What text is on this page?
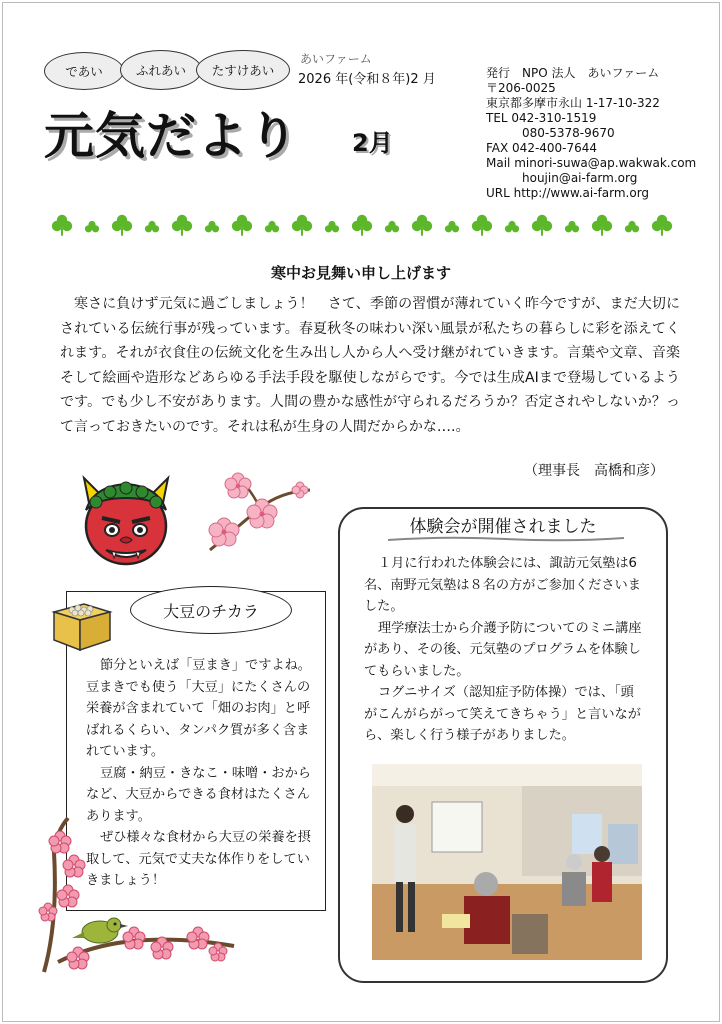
であい	ふれあい たすけあい
あいファーム
2026 年(令和８年)2 月
元気だより 2月
発行　NPO 法人　あいファーム
〒206-0025
東京都多摩市永山 1-17-10-322
TEL 042-310-1519
　　　080-5378-9670
FAX 042-400-7644
Mail minori-suwa@ap.wakwak.com
　　　houjin@ai-farm.org
URL http://www.ai-farm.org
寒中お見舞い申し上げます

寒さに負けず元気に過ごしましょう！　さて、季節の習慣が薄れていく昨今ですが、まだ大切にされている伝統行事が残っています。春夏秋冬の味わい深い風景が私たちの暮らしに彩を添えてくれます。それが衣食住の伝統文化を生み出し人から人へ受け継がれていきます。言葉や文章、音楽そして絵画や造形などあらゆる手法手段を駆使しながらです。今では生成AIまで登場しているようです。でも少し不安があります。人間の豊かな感性が守られるだろうか？否定されやしないか？って言っておきたいのです。それは私が生身の人間だからかな‥‥。

（理事長　高橋和彦）
大豆のチカラ

節分といえば「豆まき」ですよね。豆まきでも使う「大豆」にたくさんの栄養が含まれていて「畑のお肉」と呼ばれるくらい、タンパク質が多く含まれています。

豆腐・納豆・きなこ・味噌・おからなど、大豆からできる食材はたくさんあります。

ぜひ様々な食材から大豆の栄養を摂取して、元気で丈夫な体作りをしていきましょう！

体験会が開催されました

１月に行われた体験会には、諏訪元気塾は6名、南野元気塾は８名の方がご参加くださいました。

理学療法士から介護予防についてのミニ講座があり、その後、元気塾のプログラムを体験してもらいました。

コグニサイズ（認知症予防体操）では、「頭がこんがらがって笑えてきちゃう」と言いながら、楽しく行う様子がありました。
